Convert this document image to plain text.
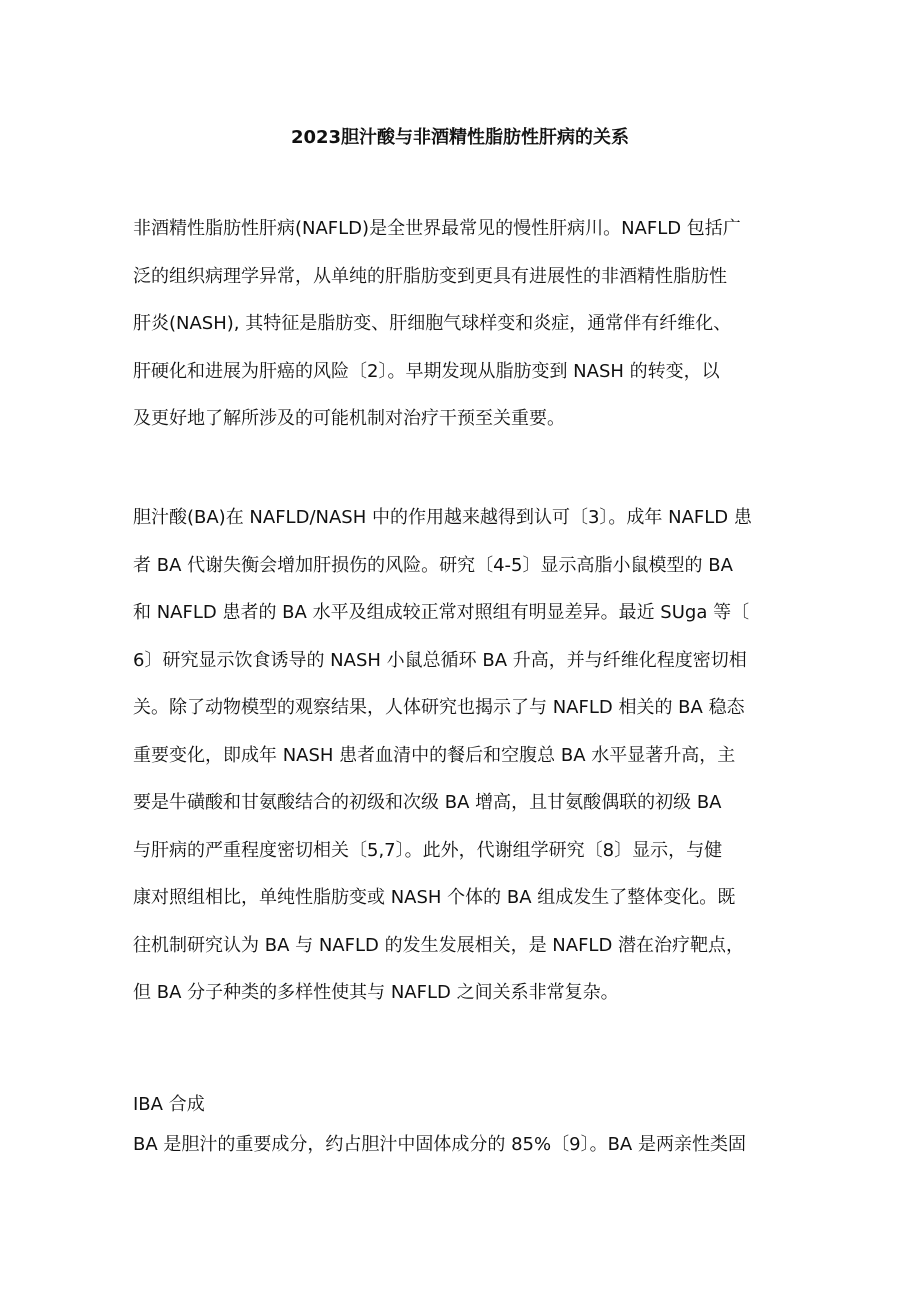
2023胆汁酸与非酒精性脂肪性肝病的关系
非酒精性脂肪性肝病(NAFLD)是全世界最常见的慢性肝病川。NAFLD 包括广
泛的组织病理学异常，从单纯的肝脂肪变到更具有进展性的非酒精性脂肪性
肝炎(NASH), 其特征是脂肪变、肝细胞气球样变和炎症，通常伴有纤维化、
肝硬化和进展为肝癌的风险〔2〕。早期发现从脂肪变到 NASH 的转变，以
及更好地了解所涉及的可能机制对治疗干预至关重要。
胆汁酸(BA)在 NAFLD/NASH 中的作用越来越得到认可〔3〕。成年 NAFLD 患
者 BA 代谢失衡会增加肝损伤的风险。研究〔4-5〕显示高脂小鼠模型的 BA
和 NAFLD 患者的 BA 水平及组成较正常对照组有明显差异。最近 SUga 等〔
6〕研究显示饮食诱导的 NASH 小鼠总循环 BA 升高，并与纤维化程度密切相
关。除了动物模型的观察结果，人体研究也揭示了与 NAFLD 相关的 BA 稳态
重要变化，即成年 NASH 患者血清中的餐后和空腹总 BA 水平显著升高，主
要是牛磺酸和甘氨酸结合的初级和次级 BA 增高，且甘氨酸偶联的初级 BA
与肝病的严重程度密切相关〔5,7〕。此外，代谢组学研究〔8〕显示，与健
康对照组相比，单纯性脂肪变或 NASH 个体的 BA 组成发生了整体变化。既
往机制研究认为 BA 与 NAFLD 的发生发展相关，是 NAFLD 潜在治疗靶点，
但 BA 分子种类的多样性使其与 NAFLD 之间关系非常复杂。
IBA 合成
BA 是胆汁的重要成分，约占胆汁中固体成分的 85%〔9〕。BA 是两亲性类固
